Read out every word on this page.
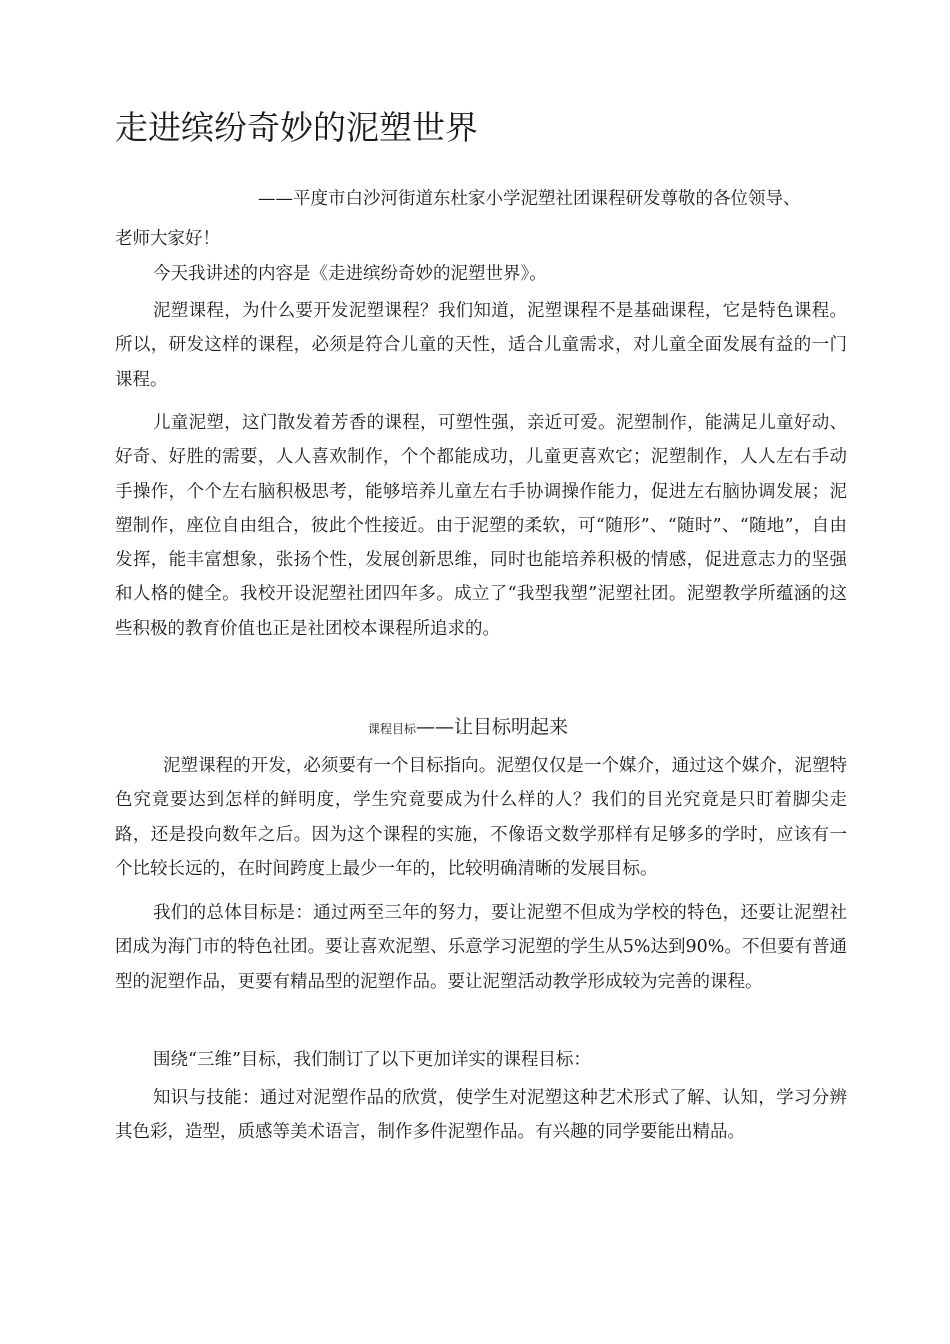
走进缤纷奇妙的泥塑世界
——平度市白沙河街道东杜家小学泥塑社团课程研发尊敬的各位领导、

老师大家好！

今天我讲述的内容是《走进缤纷奇妙的泥塑世界》。

泥塑课程，为什么要开发泥塑课程？我们知道，泥塑课程不是基础课程，它是特色课程。所以，研发这样的课程，必须是符合儿童的天性，适合儿童需求，对儿童全面发展有益的一门课程。

儿童泥塑，这门散发着芳香的课程，可塑性强，亲近可爱。泥塑制作，能满足儿童好动、好奇、好胜的需要，人人喜欢制作，个个都能成功，儿童更喜欢它；泥塑制作，人人左右手动手操作，个个左右脑积极思考，能够培养儿童左右手协调操作能力，促进左右脑协调发展；泥塑制作，座位自由组合，彼此个性接近。由于泥塑的柔软，可“随形”、“随时”、“随地”，自由发挥，能丰富想象，张扬个性，发展创新思维，同时也能培养积极的情感，促进意志力的坚强和人格的健全。我校开设泥塑社团四年多。成立了“我型我塑”泥塑社团。泥塑教学所蕴涵的这些积极的教育价值也正是社团校本课程所追求的。

课程目标——让目标明起来

泥塑课程的开发，必须要有一个目标指向。泥塑仅仅是一个媒介，通过这个媒介，泥塑特色究竟要达到怎样的鲜明度，学生究竟要成为什么样的人？我们的目光究竟是只盯着脚尖走路，还是投向数年之后。因为这个课程的实施，不像语文数学那样有足够多的学时，应该有一个比较长远的，在时间跨度上最少一年的，比较明确清晰的发展目标。

我们的总体目标是：通过两至三年的努力，要让泥塑不但成为学校的特色，还要让泥塑社团成为海门市的特色社团。要让喜欢泥塑、乐意学习泥塑的学生从5%达到90%。不但要有普通型的泥塑作品，更要有精品型的泥塑作品。要让泥塑活动教学形成较为完善的课程。

围绕“三维”目标，我们制订了以下更加详实的课程目标：

知识与技能：通过对泥塑作品的欣赏，使学生对泥塑这种艺术形式了解、认知，学习分辨其色彩，造型，质感等美术语言，制作多件泥塑作品。有兴趣的同学要能出精品。
